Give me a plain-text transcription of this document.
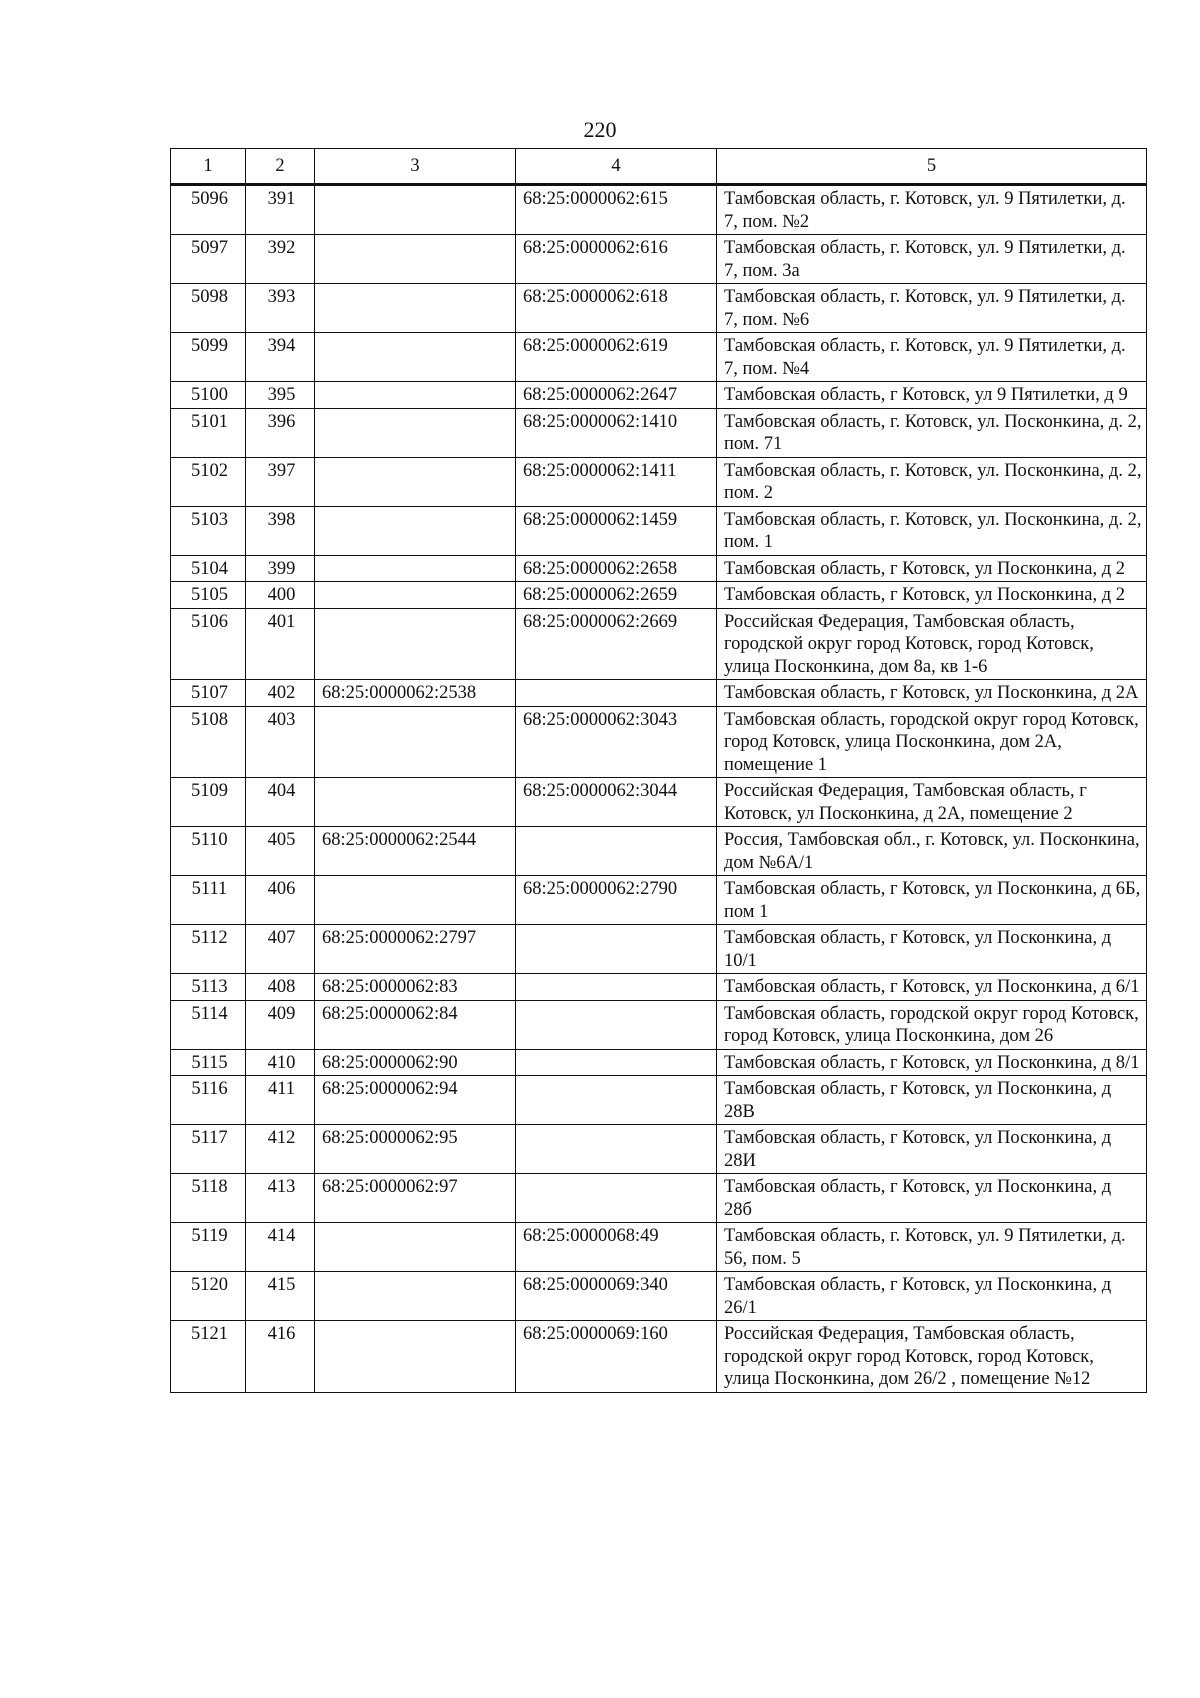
220
1	2	3	4	5
5096	391		68:25:0000062:615	Тамбовская область, г. Котовск, ул. 9 Пятилетки, д. 7, пом. №2
5097	392		68:25:0000062:616	Тамбовская область, г. Котовск, ул. 9 Пятилетки, д. 7, пом. 3а
5098	393		68:25:0000062:618	Тамбовская область, г. Котовск, ул. 9 Пятилетки, д. 7, пом. №6
5099	394		68:25:0000062:619	Тамбовская область, г. Котовск, ул. 9 Пятилетки, д. 7, пом. №4
5100	395		68:25:0000062:2647	Тамбовская область, г Котовск, ул 9 Пятилетки, д 9
5101	396		68:25:0000062:1410	Тамбовская область, г. Котовск, ул. Посконкина, д. 2, пом. 71
5102	397		68:25:0000062:1411	Тамбовская область, г. Котовск, ул. Посконкина, д. 2, пом. 2
5103	398		68:25:0000062:1459	Тамбовская область, г. Котовск, ул. Посконкина, д. 2, пом. 1
5104	399		68:25:0000062:2658	Тамбовская область, г Котовск, ул Посконкина, д 2
5105	400		68:25:0000062:2659	Тамбовская область, г Котовск, ул Посконкина, д 2
5106	401		68:25:0000062:2669	Российская Федерация, Тамбовская область, городской округ город Котовск, город Котовск, улица Посконкина, дом 8а, кв 1-6
5107	402	68:25:0000062:2538		Тамбовская область, г Котовск, ул Посконкина, д 2А
5108	403		68:25:0000062:3043	Тамбовская область, городской округ город Котовск, город Котовск, улица Посконкина, дом 2А, помещение 1
5109	404		68:25:0000062:3044	Российская Федерация, Тамбовская область, г Котовск, ул Посконкина, д 2А, помещение 2
5110	405	68:25:0000062:2544		Россия, Тамбовская обл., г. Котовск, ул. Посконкина, дом №6А/1
5111	406		68:25:0000062:2790	Тамбовская область, г Котовск, ул Посконкина, д 6Б, пом 1
5112	407	68:25:0000062:2797		Тамбовская область, г Котовск, ул Посконкина, д 10/1
5113	408	68:25:0000062:83		Тамбовская область, г Котовск, ул Посконкина, д 6/1
5114	409	68:25:0000062:84		Тамбовская область, городской округ город Котовск, город Котовск, улица Посконкина, дом 26
5115	410	68:25:0000062:90		Тамбовская область, г Котовск, ул Посконкина, д 8/1
5116	411	68:25:0000062:94		Тамбовская область, г Котовск, ул Посконкина, д 28В
5117	412	68:25:0000062:95		Тамбовская область, г Котовск, ул Посконкина, д 28И
5118	413	68:25:0000062:97		Тамбовская область, г Котовск, ул Посконкина, д 28б
5119	414		68:25:0000068:49	Тамбовская область, г. Котовск, ул. 9 Пятилетки, д. 56, пом. 5
5120	415		68:25:0000069:340	Тамбовская область, г Котовск, ул Посконкина, д 26/1
5121	416		68:25:0000069:160	Российская Федерация, Тамбовская область, городской округ город Котовск, город Котовск, улица Посконкина, дом 26/2 , помещение №12
